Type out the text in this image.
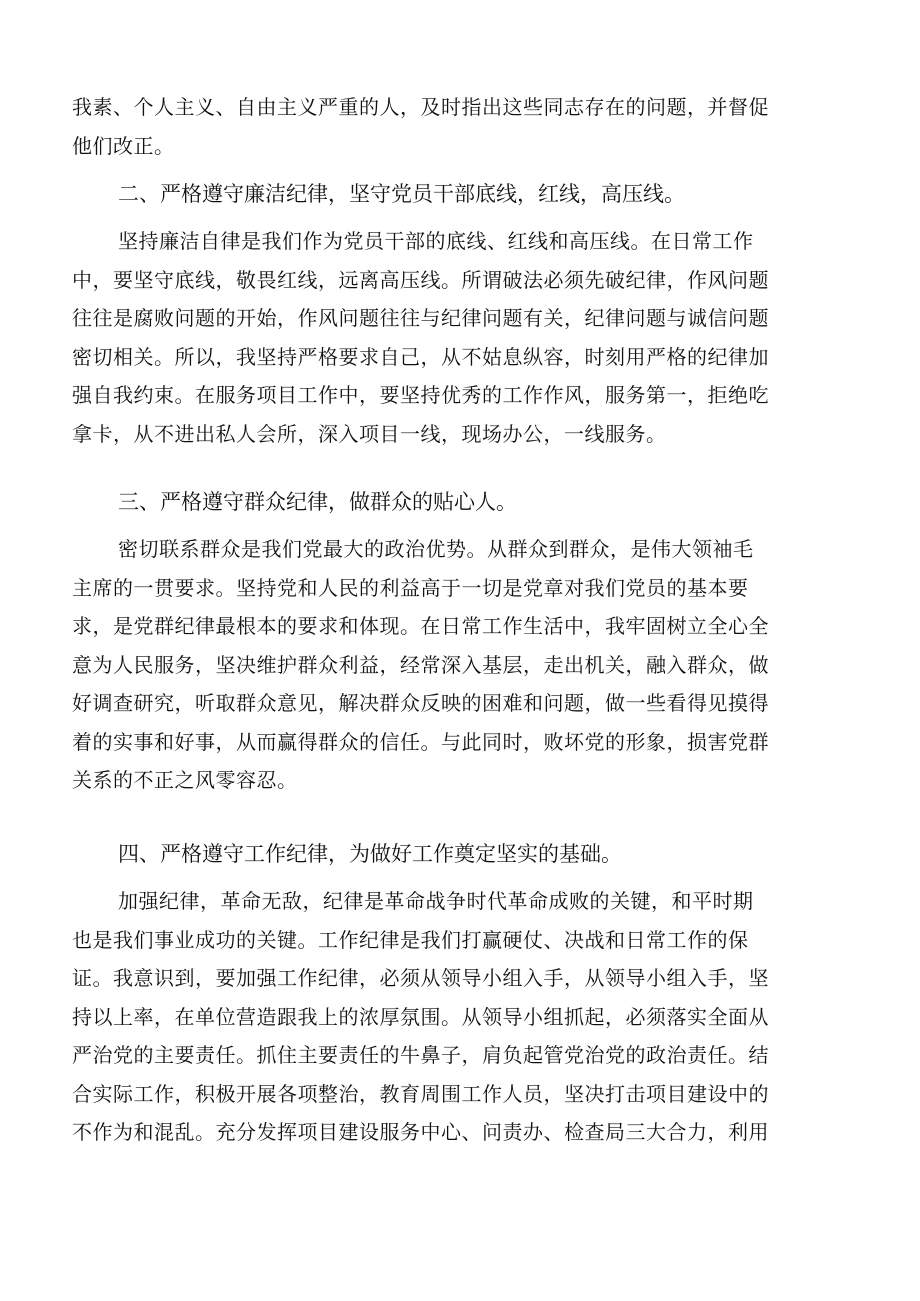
我素、个人主义、自由主义严重的人，及时指出这些同志存在的问题，并督促
他们改正。
二、严格遵守廉洁纪律，坚守党员干部底线，红线，高压线。
坚持廉洁自律是我们作为党员干部的底线、红线和高压线。在日常工作
中，要坚守底线，敬畏红线，远离高压线。所谓破法必须先破纪律，作风问题
往往是腐败问题的开始，作风问题往往与纪律问题有关，纪律问题与诚信问题
密切相关。所以，我坚持严格要求自己，从不姑息纵容，时刻用严格的纪律加
强自我约束。在服务项目工作中，要坚持优秀的工作作风，服务第一，拒绝吃
拿卡，从不进出私人会所，深入项目一线，现场办公，一线服务。
三、严格遵守群众纪律，做群众的贴心人。
密切联系群众是我们党最大的政治优势。从群众到群众，是伟大领袖毛
主席的一贯要求。坚持党和人民的利益高于一切是党章对我们党员的基本要
求，是党群纪律最根本的要求和体现。在日常工作生活中，我牢固树立全心全
意为人民服务，坚决维护群众利益，经常深入基层，走出机关，融入群众，做
好调查研究，听取群众意见，解决群众反映的困难和问题，做一些看得见摸得
着的实事和好事，从而赢得群众的信任。与此同时，败坏党的形象，损害党群
关系的不正之风零容忍。
四、严格遵守工作纪律，为做好工作奠定坚实的基础。
加强纪律，革命无敌，纪律是革命战争时代革命成败的关键，和平时期
也是我们事业成功的关键。工作纪律是我们打赢硬仗、决战和日常工作的保
证。我意识到，要加强工作纪律，必须从领导小组入手，从领导小组入手，坚
持以上率，在单位营造跟我上的浓厚氛围。从领导小组抓起，必须落实全面从
严治党的主要责任。抓住主要责任的牛鼻子，肩负起管党治党的政治责任。结
合实际工作，积极开展各项整治，教育周围工作人员，坚决打击项目建设中的
不作为和混乱。充分发挥项目建设服务中心、问责办、检查局三大合力，利用
